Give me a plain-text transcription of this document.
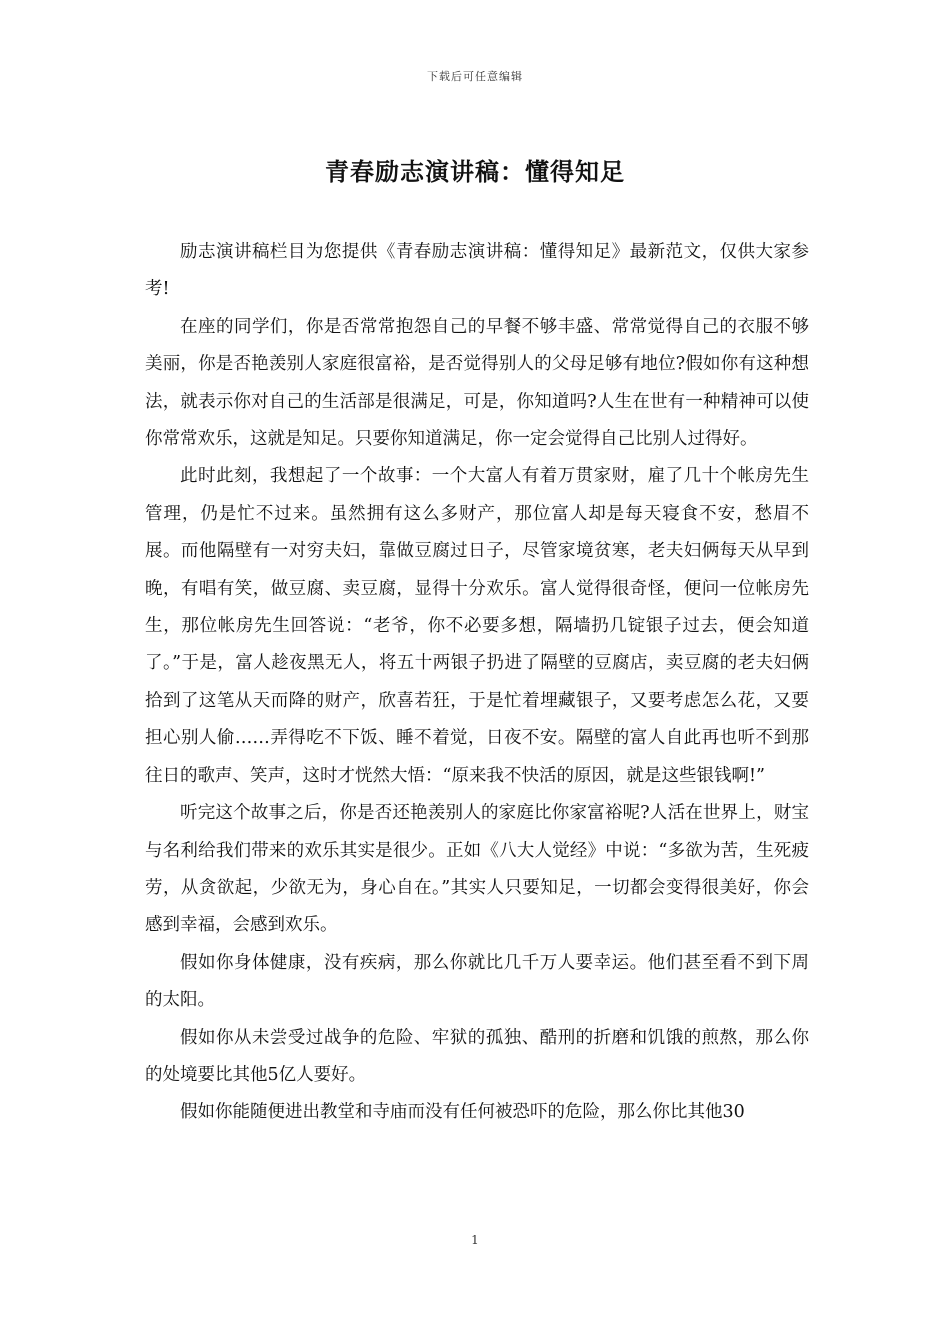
下载后可任意编辑
青春励志演讲稿：懂得知足

励志演讲稿栏目为您提供《青春励志演讲稿：懂得知足》最新范文，仅供大家参考!

在座的同学们，你是否常常抱怨自己的早餐不够丰盛、常常觉得自己的衣服不够美丽，你是否艳羡别人家庭很富裕，是否觉得别人的父母足够有地位?假如你有这种想法，就表示你对自己的生活部是很满足，可是，你知道吗?人生在世有一种精神可以使你常常欢乐，这就是知足。只要你知道满足，你一定会觉得自己比别人过得好。

此时此刻，我想起了一个故事：一个大富人有着万贯家财，雇了几十个帐房先生管理，仍是忙不过来。虽然拥有这么多财产，那位富人却是每天寝食不安，愁眉不展。而他隔壁有一对穷夫妇，靠做豆腐过日子，尽管家境贫寒，老夫妇俩每天从早到晚，有唱有笑，做豆腐、卖豆腐，显得十分欢乐。富人觉得很奇怪，便问一位帐房先生，那位帐房先生回答说：“老爷，你不必要多想，隔墙扔几锭银子过去，便会知道了。”于是，富人趁夜黑无人，将五十两银子扔进了隔壁的豆腐店，卖豆腐的老夫妇俩拾到了这笔从天而降的财产，欣喜若狂，于是忙着埋藏银子，又要考虑怎么花，又要担心别人偷……弄得吃不下饭、睡不着觉，日夜不安。隔壁的富人自此再也听不到那往日的歌声、笑声，这时才恍然大悟：“原来我不快活的原因，就是这些银钱啊!”

听完这个故事之后，你是否还艳羡别人的家庭比你家富裕呢?人活在世界上，财宝与名利给我们带来的欢乐其实是很少。正如《八大人觉经》中说：“多欲为苦，生死疲劳，从贪欲起，少欲无为，身心自在。”其实人只要知足，一切都会变得很美好，你会感到幸福，会感到欢乐。

假如你身体健康，没有疾病，那么你就比几千万人要幸运。他们甚至看不到下周的太阳。

假如你从未尝受过战争的危险、牢狱的孤独、酷刑的折磨和饥饿的煎熬，那么你的处境要比其他5亿人要好。

假如你能随便进出教堂和寺庙而没有任何被恐吓的危险，那么你比其他30

1
